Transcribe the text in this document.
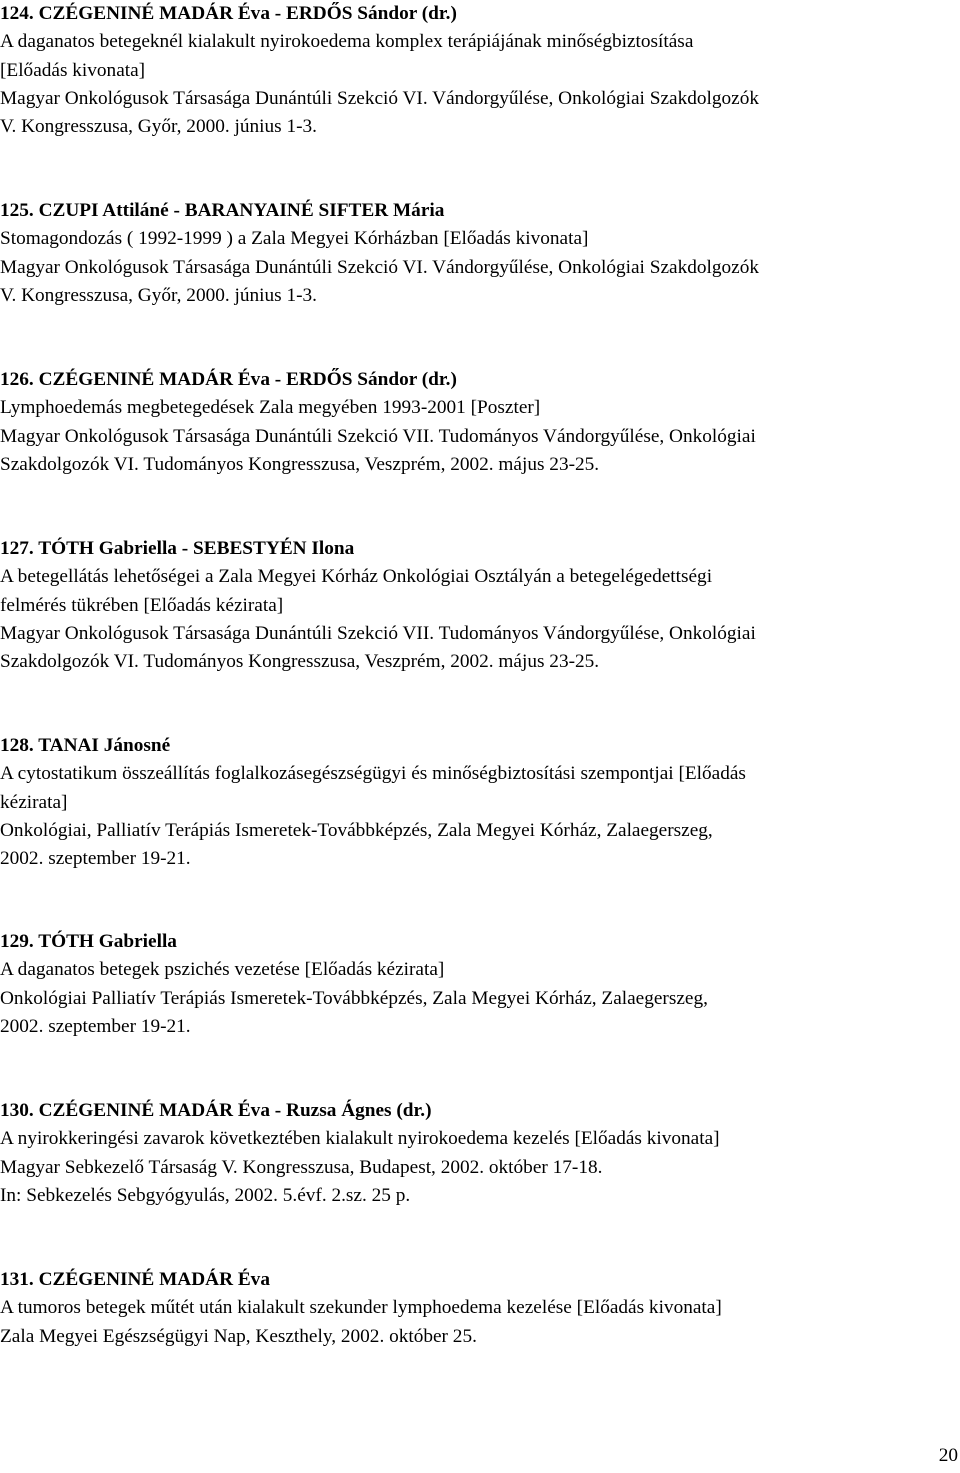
124. CZÉGENINÉ MADÁR Éva - ERDŐS Sándor (dr.)
A daganatos betegeknél kialakult nyirokoedema komplex terápiájának minőségbiztosítása
[Előadás kivonata]
Magyar Onkológusok Társasága Dunántúli Szekció VI. Vándorgyűlése, Onkológiai Szakdolgozók
V. Kongresszusa, Győr, 2000. június 1-3.
125. CZUPI Attiláné - BARANYAINÉ SIFTER Mária
Stomagondozás ( 1992-1999 ) a Zala Megyei Kórházban [Előadás kivonata]
Magyar Onkológusok Társasága Dunántúli Szekció VI. Vándorgyűlése, Onkológiai Szakdolgozók
V. Kongresszusa, Győr, 2000. június 1-3.
126. CZÉGENINÉ MADÁR Éva - ERDŐS Sándor (dr.)
Lymphoedemás megbetegedések Zala megyében 1993-2001 [Poszter]
Magyar Onkológusok Társasága Dunántúli Szekció VII. Tudományos Vándorgyűlése, Onkológiai
Szakdolgozók VI. Tudományos Kongresszusa, Veszprém, 2002. május 23-25.
127. TÓTH Gabriella - SEBESTYÉN Ilona
A betegellátás lehetőségei a Zala Megyei Kórház Onkológiai Osztályán a betegelégedettségi
felmérés tükrében [Előadás kézirata]
Magyar Onkológusok Társasága Dunántúli Szekció VII. Tudományos Vándorgyűlése, Onkológiai
Szakdolgozók VI. Tudományos Kongresszusa, Veszprém, 2002. május 23-25.
128. TANAI Jánosné
A cytostatikum összeállítás foglalkozásegészségügyi és minőségbiztosítási szempontjai [Előadás
kézirata]
Onkológiai, Palliatív Terápiás Ismeretek-Továbbképzés, Zala Megyei Kórház, Zalaegerszeg,
2002. szeptember 19-21.
129. TÓTH Gabriella
A daganatos betegek pszichés vezetése [Előadás kézirata]
Onkológiai Palliatív Terápiás Ismeretek-Továbbképzés, Zala Megyei Kórház, Zalaegerszeg,
2002. szeptember 19-21.
130. CZÉGENINÉ MADÁR Éva - Ruzsa Ágnes (dr.)
A nyirokkeringési zavarok következtében kialakult nyirokoedema kezelés [Előadás kivonata]
Magyar Sebkezelő Társaság V. Kongresszusa, Budapest, 2002. október 17-18.
In: Sebkezelés Sebgyógyulás, 2002. 5.évf. 2.sz. 25 p.
131. CZÉGENINÉ MADÁR Éva
A tumoros betegek műtét után kialakult szekunder lymphoedema kezelése [Előadás kivonata]
Zala Megyei Egészségügyi Nap, Keszthely, 2002. október 25.
20
